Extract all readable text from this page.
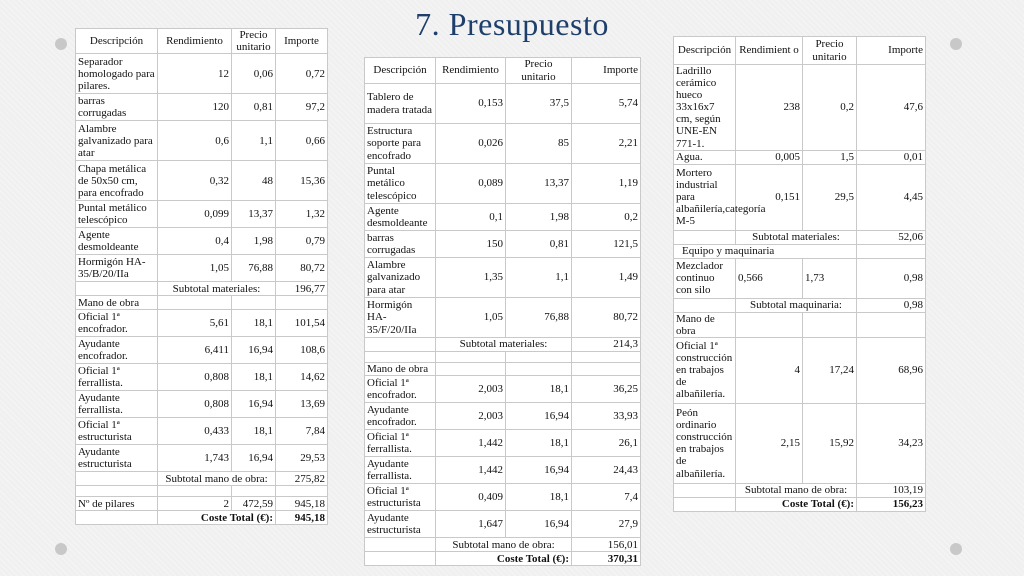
7. Presupuesto
Descripción	Rendimiento	Precio unitario	Importe
Separador homologado para pilares.	12	0,06	0,72
barras corrugadas	120	0,81	97,2
Alambre galvanizado para atar	0,6	1,1	0,66
Chapa metálica de 50x50 cm, para encofrado	0,32	48	15,36
Puntal metálico telescópico	0,099	13,37	1,32
Agente desmoldeante	0,4	1,98	0,79
Hormigón HA-35/B/20/IIa	1,05	76,88	80,72
	Subtotal materiales:		196,77
Mano de obra			
Oficial 1ª encofrador.	5,61	18,1	101,54
Ayudante encofrador.	6,411	16,94	108,6
Oficial 1ª ferrallista.	0,808	18,1	14,62
Ayudante ferrallista.	0,808	16,94	13,69
Oficial 1ª estructurista	0,433	18,1	7,84
Ayudante estructurista	1,743	16,94	29,53
	Subtotal mano de obra:		275,82

Nº de pilares	2	472,59	945,18
	Coste Total (€):		945,18
Descripción	Rendimiento	Precio unitario	Importe
Tablero de madera tratada	0,153	37,5	5,74
Estructura soporte para encofrado	0,026	85	2,21
Puntal metálico telescópico	0,089	13,37	1,19
Agente desmoldeante	0,1	1,98	0,2
barras corrugadas	150	0,81	121,5
Alambre galvanizado para atar	1,35	1,1	1,49
Hormigón HA-35/F/20/IIa	1,05	76,88	80,72
	Subtotal materiales:		214,3

Mano de obra			
Oficial 1ª encofrador.	2,003	18,1	36,25
Ayudante encofrador.	2,003	16,94	33,93
Oficial 1ª ferrallista.	1,442	18,1	26,1
Ayudante ferrallista.	1,442	16,94	24,43
Oficial 1ª estructurista	0,409	18,1	7,4
Ayudante estructurista	1,647	16,94	27,9
	Subtotal mano de obra:		156,01
	Coste Total (€):		370,31
Descripción	Rendimient o	Precio unitario	Importe
Ladrillo cerámico hueco 33x16x7 cm, según UNE-EN 771-1.	238	0,2	47,6
Agua.	0,005	1,5	0,01
Mortero industrial para albañilería,categoría M-5	0,151	29,5	4,45
	Subtotal materiales:		52,06
Equipo y maquinaria			
Mezclador continuo con silo	0,566	1,73	0,98
	Subtotal maquinaria:		0,98
Mano de obra			
Oficial 1ª construcción en trabajos de albañilería.	4	17,24	68,96
Peón ordinario construcción en trabajos de albañilería.	2,15	15,92	34,23
	Subtotal mano de obra:		103,19
	Coste Total (€):		156,23
